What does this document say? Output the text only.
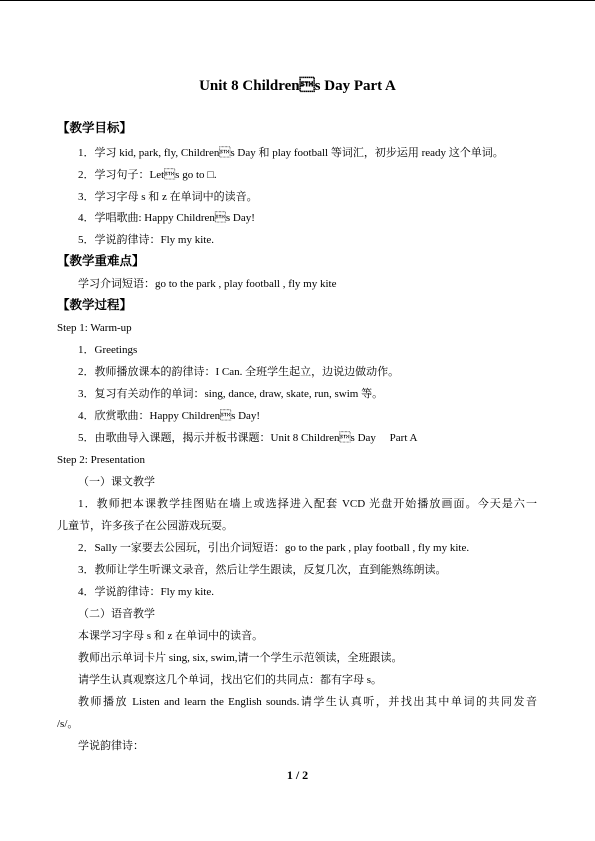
Unit 8 Childrens Day Part A
【教学目标】
1．学习 kid, park, fly, Childrens Day 和 play football 等词汇，初步运用 ready 这个单词。
2．学习句子：Lets go to □.
3．学习字母 s 和 z 在单词中的读音。
4．学唱歌曲: Happy Childrens Day!
5．学说韵律诗：Fly my kite.
【教学重难点】
学习介词短语：go to the park , play football , fly my kite
【教学过程】
Step 1: Warm-up
1．Greetings
2．教师播放课本的韵律诗：I Can. 全班学生起立，边说边做动作。
3．复习有关动作的单词：sing, dance, draw, skate, run, swim 等。
4．欣赏歌曲：Happy Childrens Day!
5．由歌曲导入课题，揭示并板书课题：Unit 8 Childrens Day　 Part A
Step 2: Presentation
（一）课文教学
1．教师把本课教学挂图贴在墙上或选择进入配套 VCD 光盘开始播放画面。今天是六一
儿童节，许多孩子在公园游戏玩耍。
2．Sally 一家要去公园玩，引出介词短语：go to the park , play football , fly my kite.
3．教师让学生听课文录音，然后让学生跟读，反复几次，直到能熟练朗读。
4．学说韵律诗：Fly my kite.
（二）语音教学
本课学习字母 s 和 z 在单词中的读音。
教师出示单词卡片 sing, six, swim,请一个学生示范领读，全班跟读。
请学生认真观察这几个单词，找出它们的共同点：都有字母 s。
教师播放 Listen and learn the English sounds.请学生认真听，并找出其中单词的共同发音
/s/。
学说韵律诗：
1 / 2
